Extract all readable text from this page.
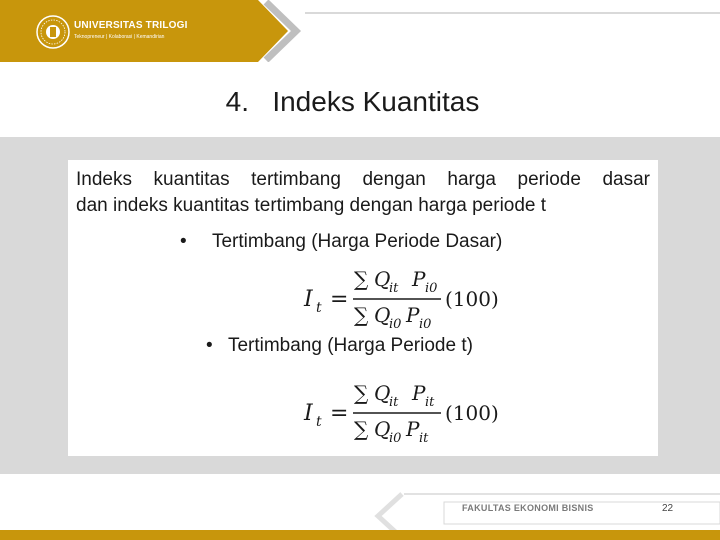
UNIVERSITAS TRILOGI
Teknopreneur | Kolaborasi | Kemandirian
4. Indeks Kuantitas
Indeks kuantitas tertimbang dengan harga periode dasar
dan indeks kuantitas tertimbang dengan harga periode t
• Tertimbang (Harga Periode Dasar)
I t =
∑ Q
it P i0
∑ Q
i0 P i0
(100)
• Tertimbang (Harga Periode t)
I t =
∑ Q
it P it
∑ Q
i0 P it
(100)
FAKULTAS EKONOMI BISNIS	22
